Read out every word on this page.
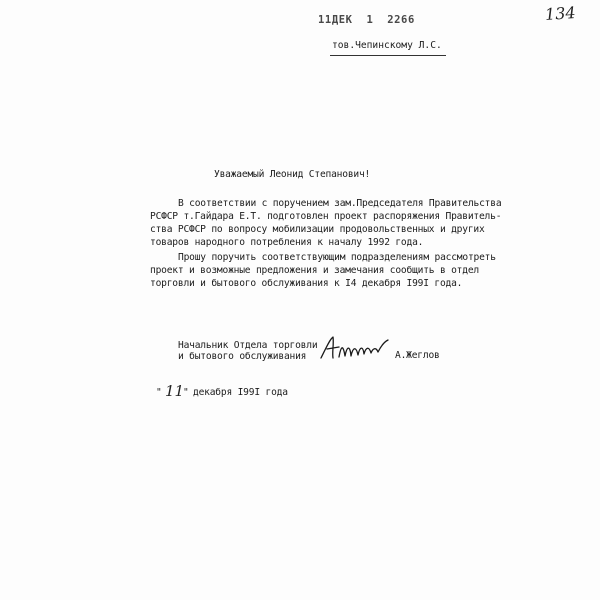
11ДЕК  1  2266	134
тов.Чепинскому Л.С.
Уважаемый Леонид Степанович!
В соответствии с поручением зам.Председателя Правительства
РСФСР т.Гайдара Е.Т. подготовлен проект распоряжения Правитель-
ства РСФСР по вопросу мобилизации продовольственных и других
товаров народного потребления к началу 1992 года.
Прошу поручить соответствующим подразделениям рассмотреть
проект и возможные предложения и замечания сообщить в отдел
торговли и бытового обслуживания к I4 декабря I99I года.
Начальник Отдела торговли
и бытового обслуживания	А.Жеглов
" 11
" декабря I99I года
